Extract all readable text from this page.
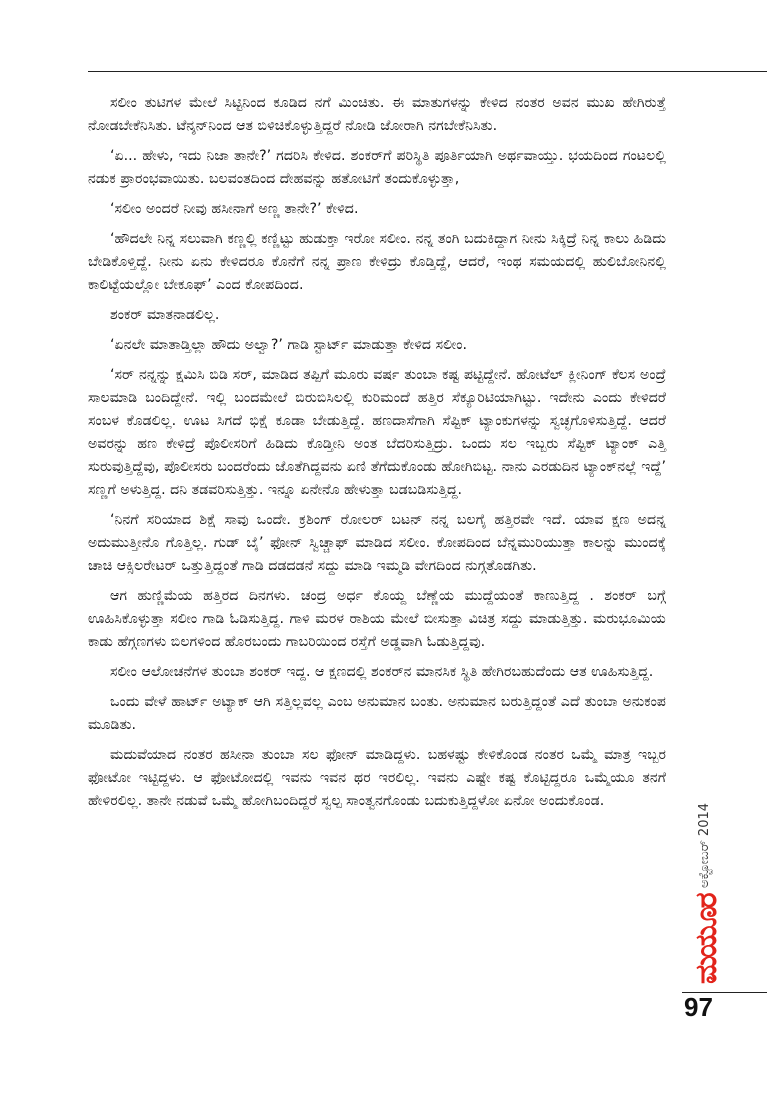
ಸಲೀಂ ತುಟಿಗಳ ಮೇಲೆ ಸಿಟ್ಟಿನಿಂದ ಕೂಡಿದ ನಗೆ ಮಿಂಚಿತು. ಈ ಮಾತುಗಳನ್ನು ಕೇಳಿದ ನಂತರ ಅವನ ಮುಖ ಹೇಗಿರುತ್ತೆ ನೋಡಬೇಕೆನಿಸಿತು. ಟೆನ್ಶನ್‌ನಿಂದ ಆತ ಬಿಳಿಚಿಕೊಳ್ಳುತ್ತಿದ್ದರೆ ನೋಡಿ ಜೋರಾಗಿ ನಗಬೇಕೆನಿಸಿತು.

‘ಏ... ಹೇಳು, ಇದು ನಿಜಾ ತಾನೇ?’ ಗದರಿಸಿ ಕೇಳಿದ. ಶಂಕರ್‌ಗೆ ಪರಿಸ್ಥಿತಿ ಪೂರ್ತಿಯಾಗಿ ಅರ್ಥವಾಯ್ತು. ಭಯದಿಂದ ಗಂಟಲಲ್ಲಿ ನಡುಕ ಪ್ರಾರಂಭವಾಯಿತು. ಬಲವಂತದಿಂದ ದೇಹವನ್ನು ಹತೋಟಿಗೆ ತಂದುಕೊಳ್ಳುತ್ತಾ,

‘ಸಲೀಂ ಅಂದರೆ ನೀವು ಹಸೀನಾಗೆ ಅಣ್ಣ ತಾನೇ?’ ಕೇಳಿದ.

‘ಹೌದಲೇ ನಿನ್ನ ಸಲುವಾಗಿ ಕಣ್ಣಲ್ಲಿ ಕಣ್ಣಿಟ್ಟು ಹುಡುಕ್ತಾ ಇರೋ ಸಲೀಂ. ನನ್ನ ತಂಗಿ ಬದುಕಿದ್ದಾಗ ನೀನು ಸಿಕ್ಕಿದ್ರೆ ನಿನ್ನ ಕಾಲು ಹಿಡಿದು ಬೇಡಿಕೊಳ್ತಿದ್ದೆ. ನೀನು ಏನು ಕೇಳಿದರೂ ಕೊನೆಗೆ ನನ್ನ ಪ್ರಾಣ ಕೇಳಿದ್ರು ಕೊಡ್ತಿದ್ದೆ, ಆದರೆ, ಇಂಥ ಸಮಯದಲ್ಲಿ ಹುಲಿಬೋನಿನಲ್ಲಿ ಕಾಲಿಟ್ಟೆಯಲ್ಲೋ ಬೇಕೂಫ್’ ಎಂದ ಕೋಪದಿಂದ.

ಶಂಕರ್ ಮಾತನಾಡಲಿಲ್ಲ.

‘ಏನಲೇ ಮಾತಾಡ್ತಿಲ್ಲಾ ಹೌದು ಅಲ್ವಾ?’ ಗಾಡಿ ಸ್ಟಾರ್ಟ್ ಮಾಡುತ್ತಾ ಕೇಳಿದ ಸಲೀಂ.

‘ಸರ್ ನನ್ನನ್ನು ಕ್ಷಮಿಸಿ ಬಿಡಿ ಸರ್, ಮಾಡಿದ ತಪ್ಪಿಗೆ ಮೂರು ವರ್ಷ ತುಂಬಾ ಕಷ್ಟ ಪಟ್ಟಿದ್ದೇನೆ. ಹೋಟೆಲ್ ಕ್ಲೀನಿಂಗ್ ಕೆಲಸ ಅಂದ್ರೆ ಸಾಲಮಾಡಿ ಬಂದಿದ್ದೇನೆ. ಇಲ್ಲಿ ಬಂದಮೇಲೆ ಬಿರುಬಿಸಿಲಲ್ಲಿ ಕುರಿಮಂದೆ ಹತ್ತಿರ ಸೆಕ್ಯೂರಿಟಿಯಾಗಿಟ್ಟು. ಇದೇನು ಎಂದು ಕೇಳಿದರೆ ಸಂಬಳ ಕೊಡಲಿಲ್ಲ. ಊಟ ಸಿಗದೆ ಭಿಕ್ಷೆ ಕೂಡಾ ಬೇಡುತ್ತಿದ್ದೆ. ಹಣದಾಸೆಗಾಗಿ ಸೆಪ್ಟಿಕ್ ಟ್ಯಾಂಕುಗಳನ್ನು ಸ್ವಚ್ಛಗೊಳಿಸುತ್ತಿದ್ದೆ. ಆದರೆ ಅವರನ್ನು ಹಣ ಕೇಳಿದ್ರೆ ಪೊಲೀಸರಿಗೆ ಹಿಡಿದು ಕೊಡ್ತೀನಿ ಅಂತ ಬೆದರಿಸುತ್ತಿದ್ರು. ಒಂದು ಸಲ ಇಬ್ಬರು ಸೆಪ್ಟಿಕ್ ಟ್ಯಾಂಕ್ ಎತ್ತಿ ಸುರುವುತ್ತಿದ್ದೆವು, ಪೊಲೀಸರು ಬಂದರೆಂದು ಜೊತೆಗಿದ್ದವನು ಏಣಿ ತೆಗೆದುಕೊಂಡು ಹೋಗಿಬಿಟ್ಟ. ನಾನು ಎರಡುದಿನ ಟ್ಯಾಂಕ್‌ನಲ್ಲೆ ಇದ್ದೆ’ ಸಣ್ಣಗೆ ಅಳುತ್ತಿದ್ದ. ದನಿ ತಡವರಿಸುತ್ತಿತ್ತು. ಇನ್ನೂ ಏನೇನೊ ಹೇಳುತ್ತಾ ಬಡಬಡಿಸುತ್ತಿದ್ದ.

‘ನಿನಗೆ ಸರಿಯಾದ ಶಿಕ್ಷೆ ಸಾವು ಒಂದೇ. ಕ್ರಶಿಂಗ್ ರೋಲರ್ ಬಟನ್ ನನ್ನ ಬಲಗೈ ಹತ್ತಿರವೇ ಇದೆ. ಯಾವ ಕ್ಷಣ ಅದನ್ನ ಅದುಮುತ್ತೀನೊ ಗೊತ್ತಿಲ್ಲ. ಗುಡ್ ಬೈ’ ಫೋನ್ ಸ್ವಿಚ್ಚಾಫ್ ಮಾಡಿದ ಸಲೀಂ. ಕೋಪದಿಂದ ಬೆನ್ನಮುರಿಯುತ್ತಾ ಕಾಲನ್ನು ಮುಂದಕ್ಕೆ ಚಾಚಿ ಆಕ್ಸಿಲರೇಟರ್ ಒತ್ತುತ್ತಿದ್ದಂತೆ ಗಾಡಿ ದಡದಡನೆ ಸದ್ದು ಮಾಡಿ ಇಮ್ಮಡಿ ವೇಗದಿಂದ ನುಗ್ಗತೊಡಗಿತು.

ಆಗ ಹುಣ್ಣಿಮೆಯ ಹತ್ತಿರದ ದಿನಗಳು. ಚಂದ್ರ ಅರ್ಧ ಕೊಯ್ದ ಬೆಣ್ಣೆಯ ಮುದ್ದೆಯಂತೆ ಕಾಣುತ್ತಿದ್ದ . ಶಂಕರ್ ಬಗ್ಗೆ ಊಹಿಸಿಕೊಳ್ಳುತ್ತಾ ಸಲೀಂ ಗಾಡಿ ಓಡಿಸುತ್ತಿದ್ದ. ಗಾಳಿ ಮರಳ ರಾಶಿಯ ಮೇಲೆ ಬೀಸುತ್ತಾ ವಿಚಿತ್ರ ಸದ್ದು ಮಾಡುತ್ತಿತ್ತು. ಮರುಭೂಮಿಯ ಕಾಡು ಹೆಗ್ಗಣಗಳು ಬಿಲಗಳಿಂದ ಹೊರಬಂದು ಗಾಬರಿಯಿಂದ ರಸ್ತೆಗೆ ಅಡ್ಡವಾಗಿ ಓಡುತ್ತಿದ್ದವು.

ಸಲೀಂ ಆಲೋಚನೆಗಳ ತುಂಬಾ ಶಂಕರ್ ಇದ್ದ. ಆ ಕ್ಷಣದಲ್ಲಿ ಶಂಕರ್‌ನ ಮಾನಸಿಕ ಸ್ಥಿತಿ ಹೇಗಿರಬಹುದೆಂದು ಆತ ಊಹಿಸುತ್ತಿದ್ದ.

ಒಂದು ವೇಳೆ ಹಾರ್ಟ್ ಅಟ್ಯಾಕ್ ಆಗಿ ಸತ್ತಿಲ್ಲವಲ್ಲ ಎಂಬ ಅನುಮಾನ ಬಂತು. ಅನುಮಾನ ಬರುತ್ತಿದ್ದಂತೆ ಎದೆ ತುಂಬಾ ಅನುಕಂಪ ಮೂಡಿತು.

ಮದುವೆಯಾದ ನಂತರ ಹಸೀನಾ ತುಂಬಾ ಸಲ ಫೋನ್ ಮಾಡಿದ್ದಳು. ಬಹಳಷ್ಟು ಕೇಳಿಕೊಂಡ ನಂತರ ಒಮ್ಮೆ ಮಾತ್ರ ಇಬ್ಬರ ಫೋಟೋ ಇಟ್ಟಿದ್ದಳು. ಆ ಫೋಟೋದಲ್ಲಿ ಇವನು ಇವನ ಥರ ಇರಲಿಲ್ಲ. ಇವನು ಎಷ್ಟೇ ಕಷ್ಟ ಕೊಟ್ಟಿದ್ದರೂ ಒಮ್ಮೆಯೂ ತನಗೆ ಹೇಳಿರಲಿಲ್ಲ. ತಾನೇ ನಡುವೆ ಒಮ್ಮೆ ಹೋಗಿಬಂದಿದ್ದರೆ ಸ್ವಲ್ಪ ಸಾಂತ್ವನಗೊಂಡು ಬದುಕುತ್ತಿದ್ದಳೋ ಏನೋ ಅಂದುಕೊಂಡ.

ಅಕ್ಟೋಬರ್ 2014
ಮಯೂರ
97
